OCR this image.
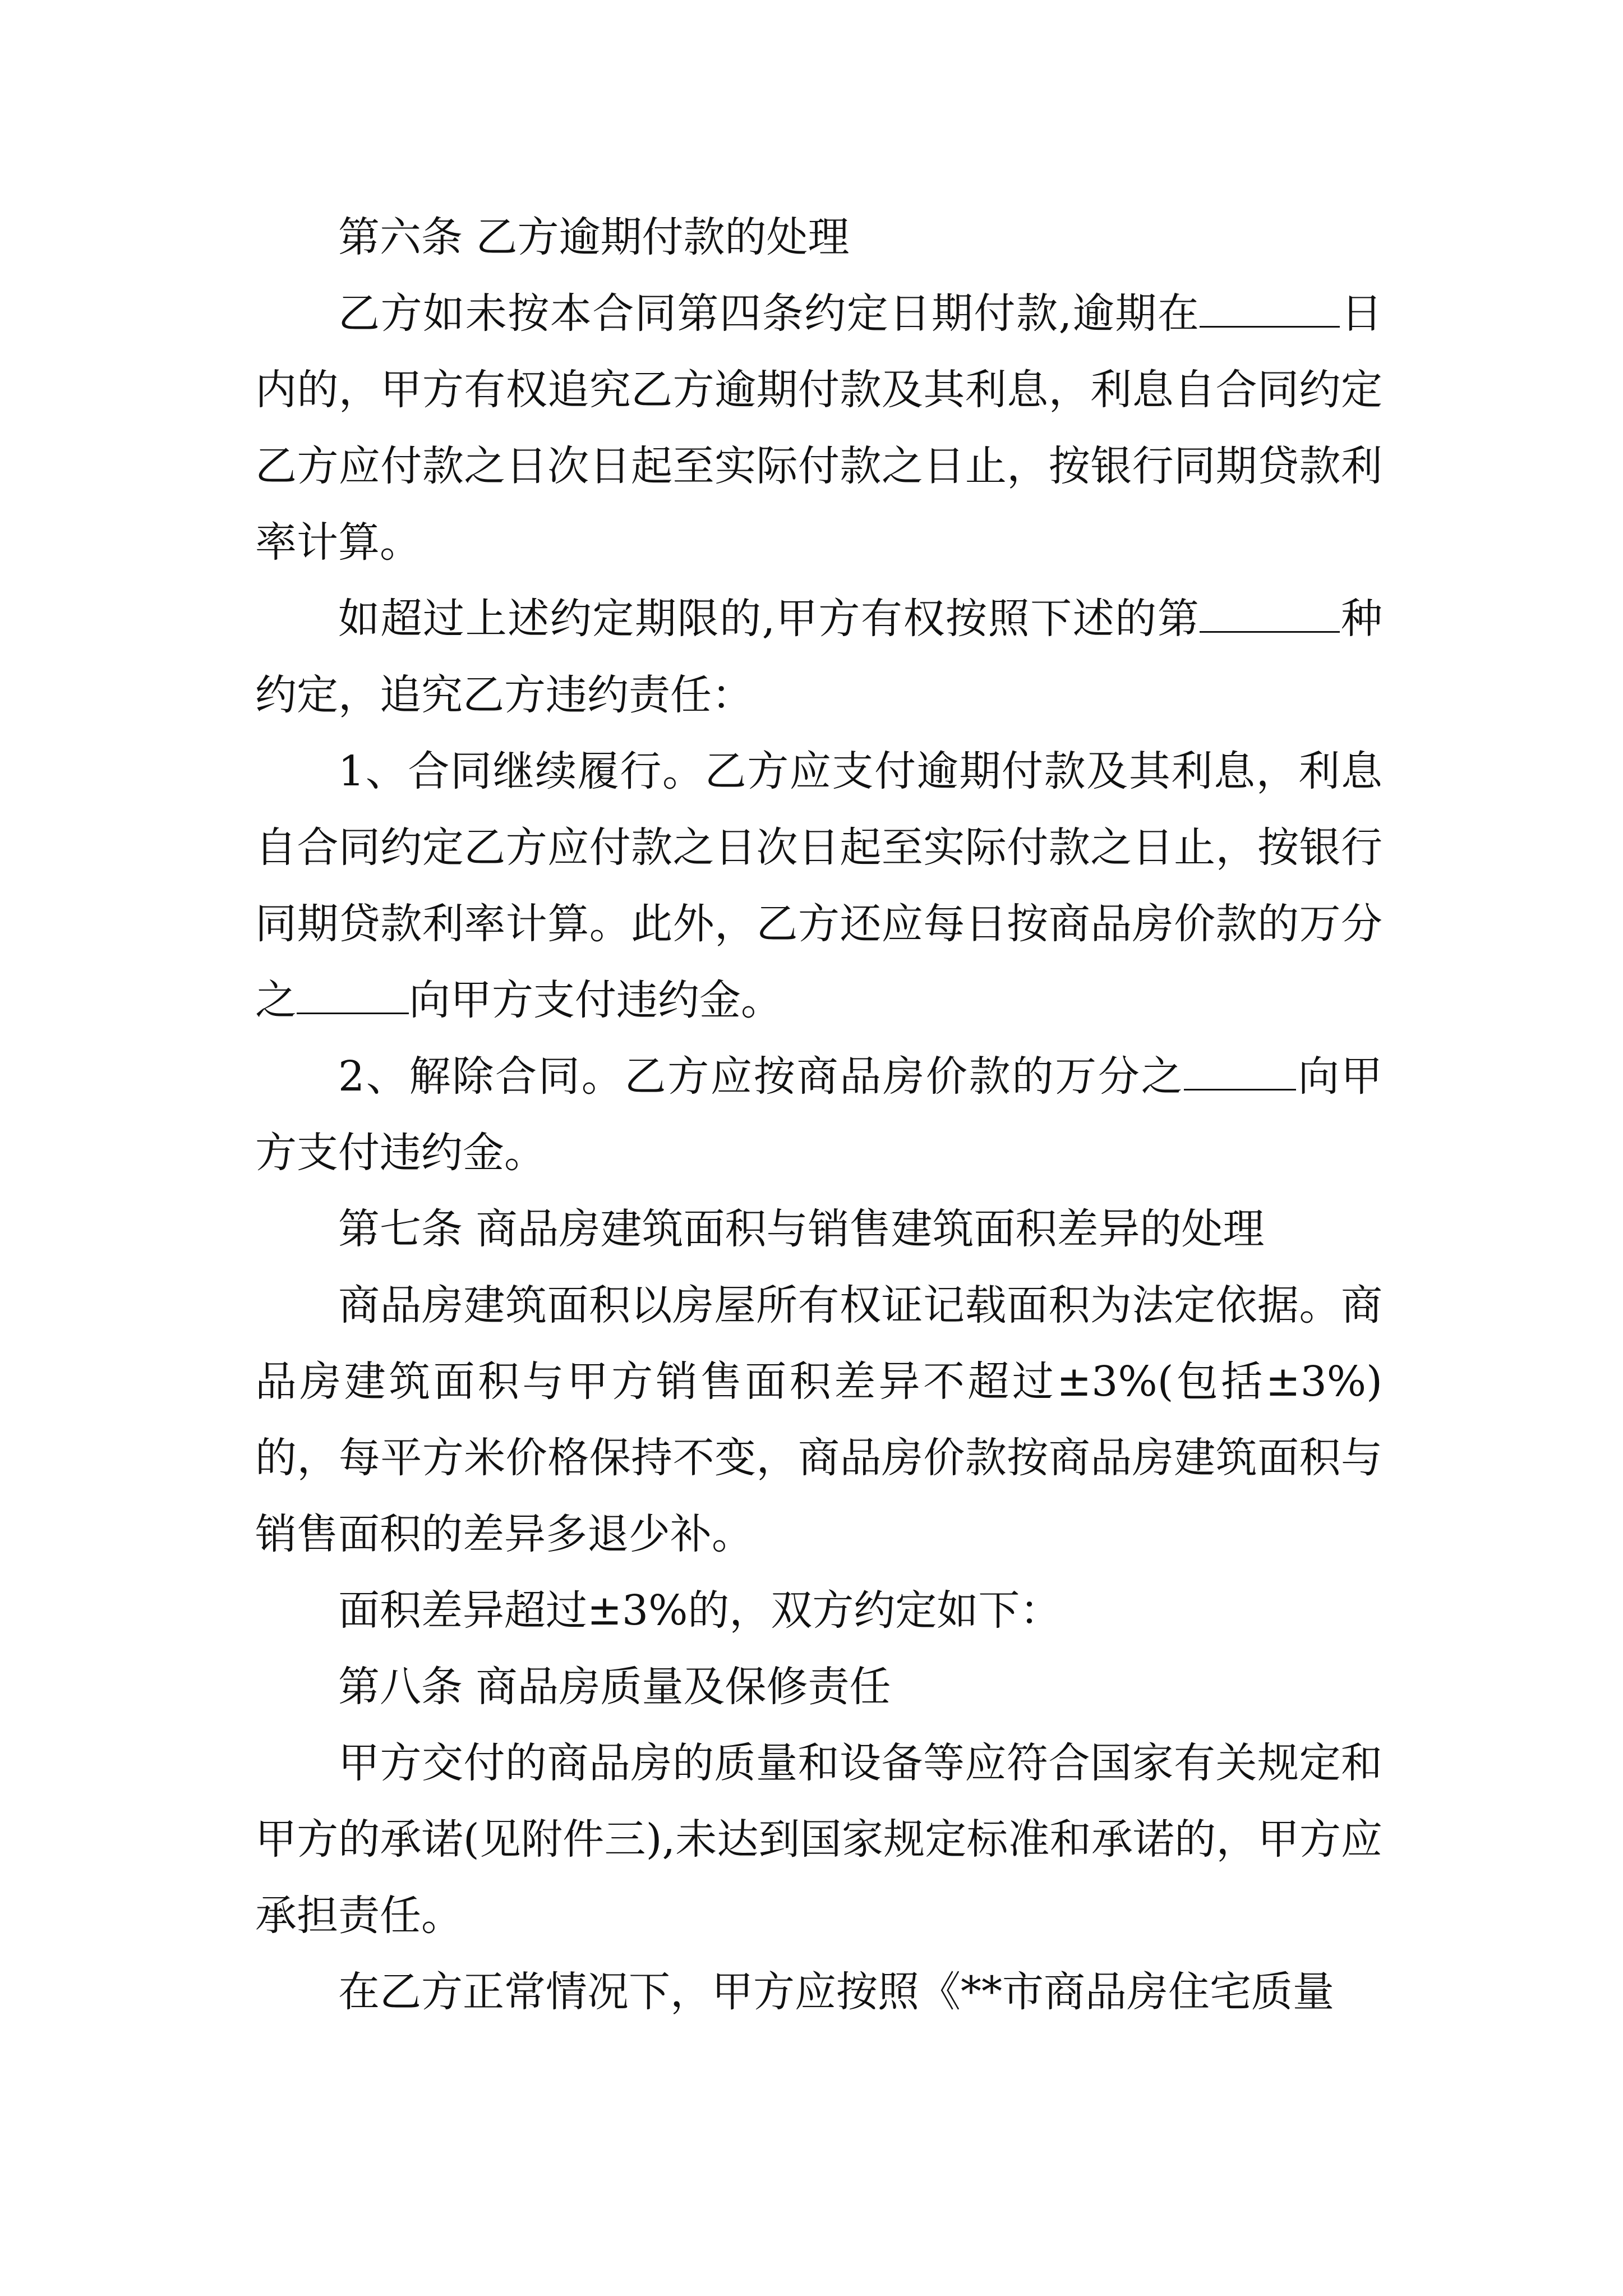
第六条 乙方逾期付款的处理

乙方如未按本合同第四条约定日期付款,逾期在	日内的，甲方有权追究乙方逾期付款及其利息，利息自合同约定乙方应付款之日次日起至实际付款之日止，按银行同期贷款利率计算。

如超过上述约定期限的,甲方有权按照下述的第	种约定，追究乙方违约责任：

1、合同继续履行。乙方应支付逾期付款及其利息，利息自合同约定乙方应付款之日次日起至实际付款之日止，按银行同期贷款利率计算。此外，乙方还应每日按商品房价款的万分之	向甲方支付违约金。

2、解除合同。乙方应按商品房价款的万分之	向甲方支付违约金。

第七条 商品房建筑面积与销售建筑面积差异的处理

商品房建筑面积以房屋所有权证记载面积为法定依据。商品房建筑面积与甲方销售面积差异不超过±3%(包括±3%)的，每平方米价格保持不变，商品房价款按商品房建筑面积与销售面积的差异多退少补。

面积差异超过±3%的，双方约定如下：

第八条 商品房质量及保修责任

甲方交付的商品房的质量和设备等应符合国家有关规定和甲方的承诺(见附件三),未达到国家规定标准和承诺的，甲方应承担责任。

在乙方正常情况下，甲方应按照《**市商品房住宅质量
